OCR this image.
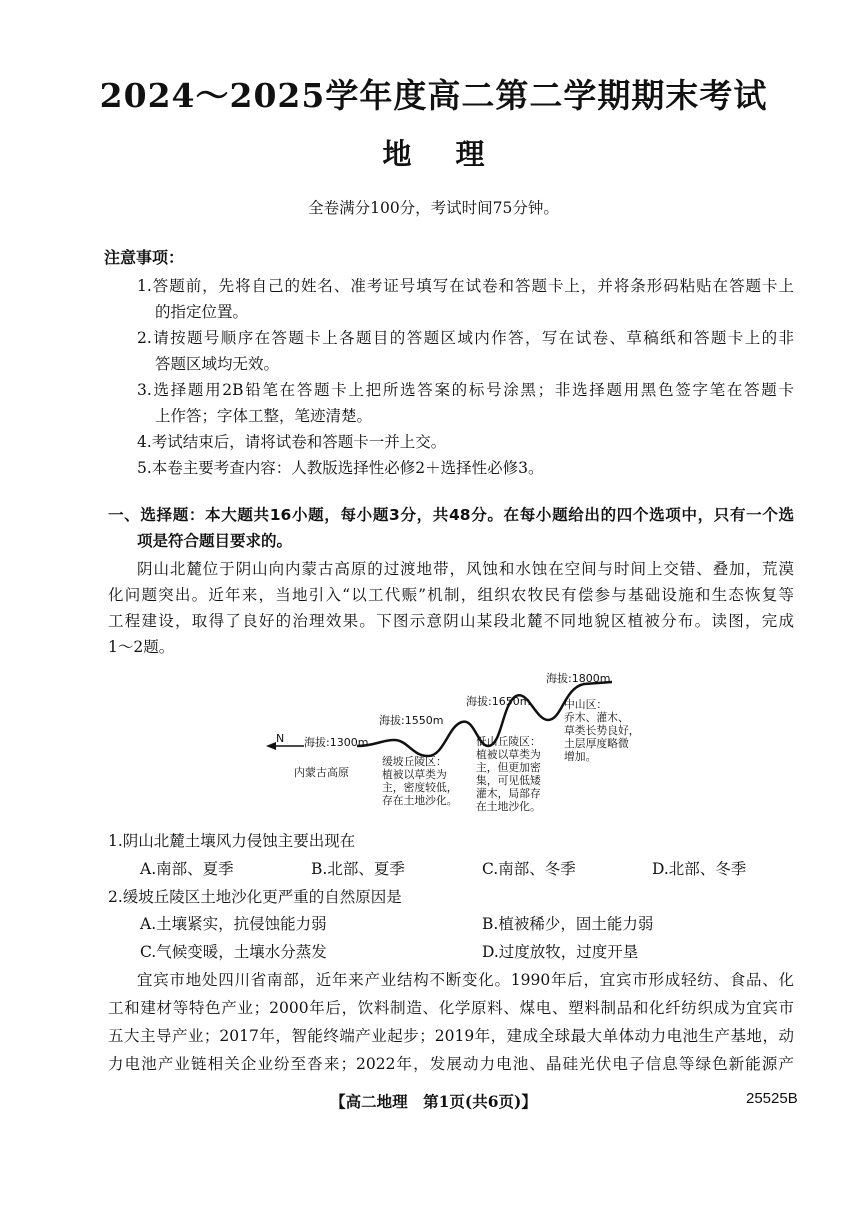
2024～2025学年度高二第二学期期末考试
地理
全卷满分100分，考试时间75分钟。
注意事项：
1.答题前，先将自己的姓名、准考证号填写在试卷和答题卡上，并将条形码粘贴在答题卡上
的指定位置。
2.请按题号顺序在答题卡上各题目的答题区域内作答，写在试卷、草稿纸和答题卡上的非
答题区域均无效。
3.选择题用2B铅笔在答题卡上把所选答案的标号涂黑；非选择题用黑色签字笔在答题卡
上作答；字体工整，笔迹清楚。
4.考试结束后，请将试卷和答题卡一并上交。
5.本卷主要考查内容：人教版选择性必修2＋选择性必修3。
一、选择题：本大题共16小题，每小题3分，共48分。在每小题给出的四个选项中，只有一个选
项是符合题目要求的。
阴山北麓位于阴山向内蒙古高原的过渡地带，风蚀和水蚀在空间与时间上交错、叠加，荒漠
化问题突出。近年来，当地引入“以工代赈”机制，组织农牧民有偿参与基础设施和生态恢复等
工程建设，取得了良好的治理效果。下图示意阴山某段北麓不同地貌区植被分布。读图，完成
1～2题。
N 海拔:1300m
海拔:1550m
海拔:1650m
海拔:1800m
内蒙古高原
缓坡丘陵区：
植被以草类为
主，密度较低，
存在土地沙化。
低山丘陵区：
植被以草类为
主，但更加密
集，可见低矮
灌木，局部存
在土地沙化。
中山区：
乔木、灌木、
草类长势良好，
土层厚度略微
增加。
1.阴山北麓土壤风力侵蚀主要出现在
A.南部、夏季	B.北部、夏季	C.南部、冬季	D.北部、冬季
2.缓坡丘陵区土地沙化更严重的自然原因是
A.土壤紧实，抗侵蚀能力弱	B.植被稀少，固土能力弱
C.气候变暖，土壤水分蒸发	D.过度放牧，过度开垦
宜宾市地处四川省南部，近年来产业结构不断变化。1990年后，宜宾市形成轻纺、食品、化
工和建材等特色产业；2000年后，饮料制造、化学原料、煤电、塑料制品和化纤纺织成为宜宾市
五大主导产业；2017年，智能终端产业起步；2019年，建成全球最大单体动力电池生产基地，动
力电池产业链相关企业纷至沓来；2022年，发展动力电池、晶硅光伏电子信息等绿色新能源产
【高二地理　第1页(共6页)】	25525B
